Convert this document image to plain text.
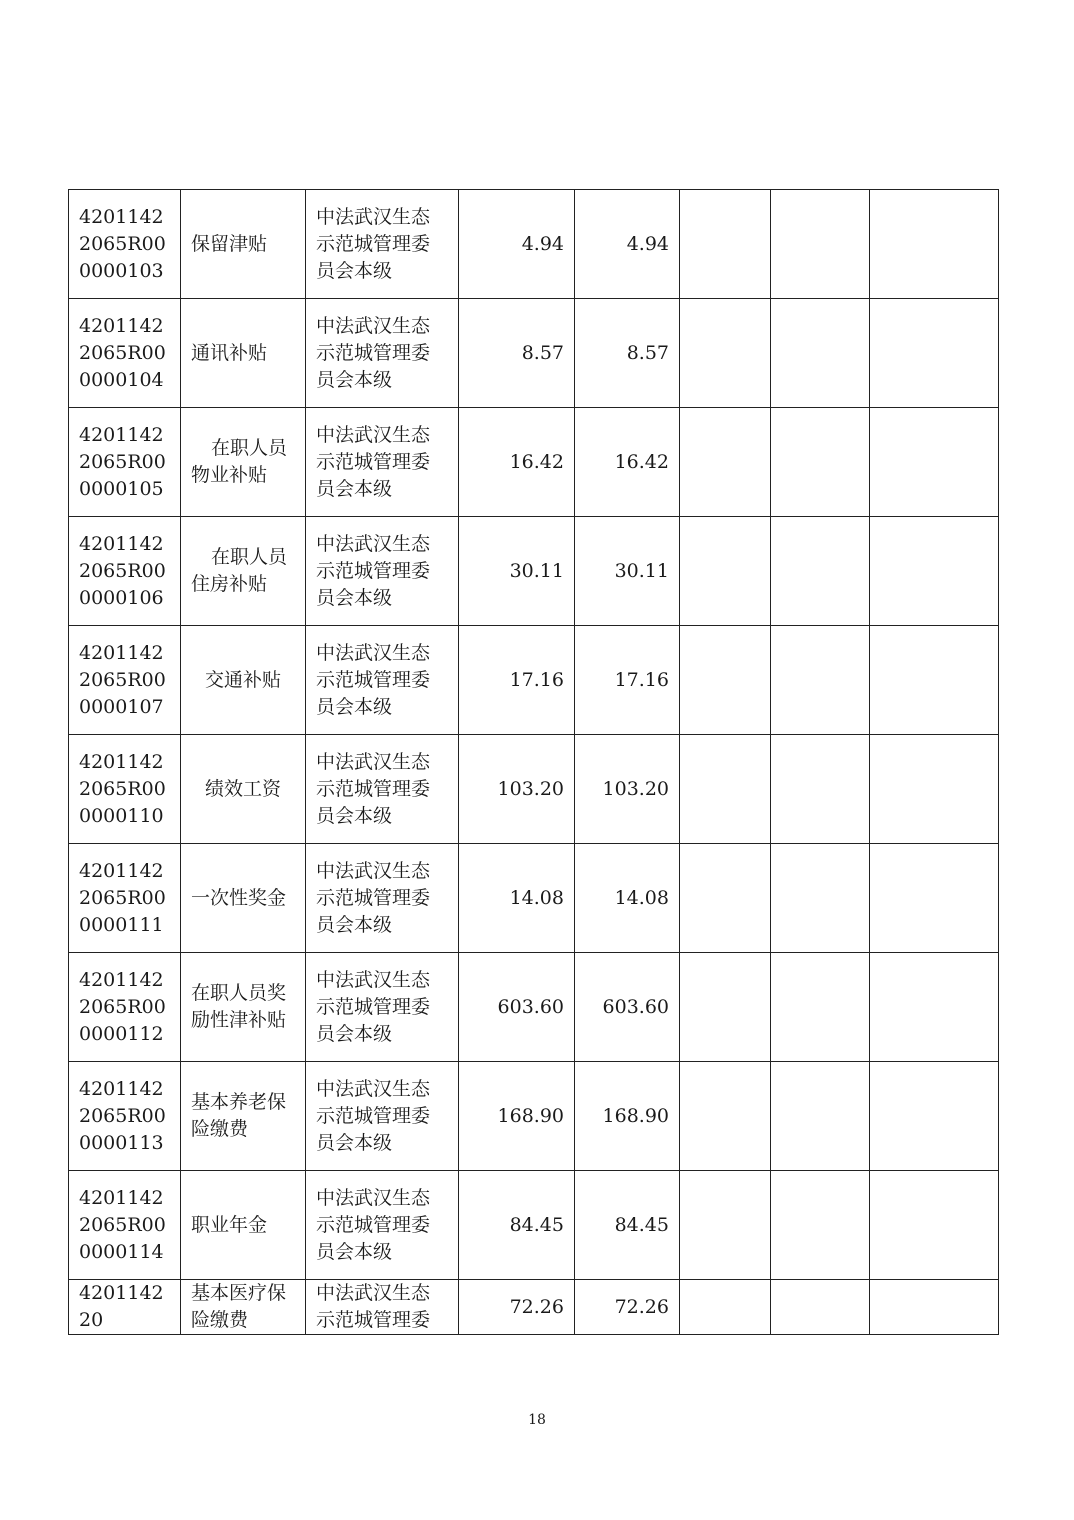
42011422065R000000103	保留津贴	中法武汉生态示范城管理委员会本级	4.94	4.94			
42011422065R000000104	通讯补贴	中法武汉生态示范城管理委员会本级	8.57	8.57			
42011422065R000000105	在职人员物业补贴	中法武汉生态示范城管理委员会本级	16.42	16.42			
42011422065R000000106	在职人员住房补贴	中法武汉生态示范城管理委员会本级	30.11	30.11			
42011422065R000000107	交通补贴	中法武汉生态示范城管理委员会本级	17.16	17.16			
42011422065R000000110	绩效工资	中法武汉生态示范城管理委员会本级	103.20	103.20			
42011422065R000000111	一次性奖金	中法武汉生态示范城管理委员会本级	14.08	14.08			
42011422065R000000112	在职人员奖励性津补贴	中法武汉生态示范城管理委员会本级	603.60	603.60			
42011422065R000000113	基本养老保险缴费	中法武汉生态示范城管理委员会本级	168.90	168.90			
42011422065R000000114	职业年金	中法武汉生态示范城管理委员会本级	84.45	84.45			
420114220	基本医疗保险缴费	中法武汉生态示范城管理委	72.26	72.26			
18
